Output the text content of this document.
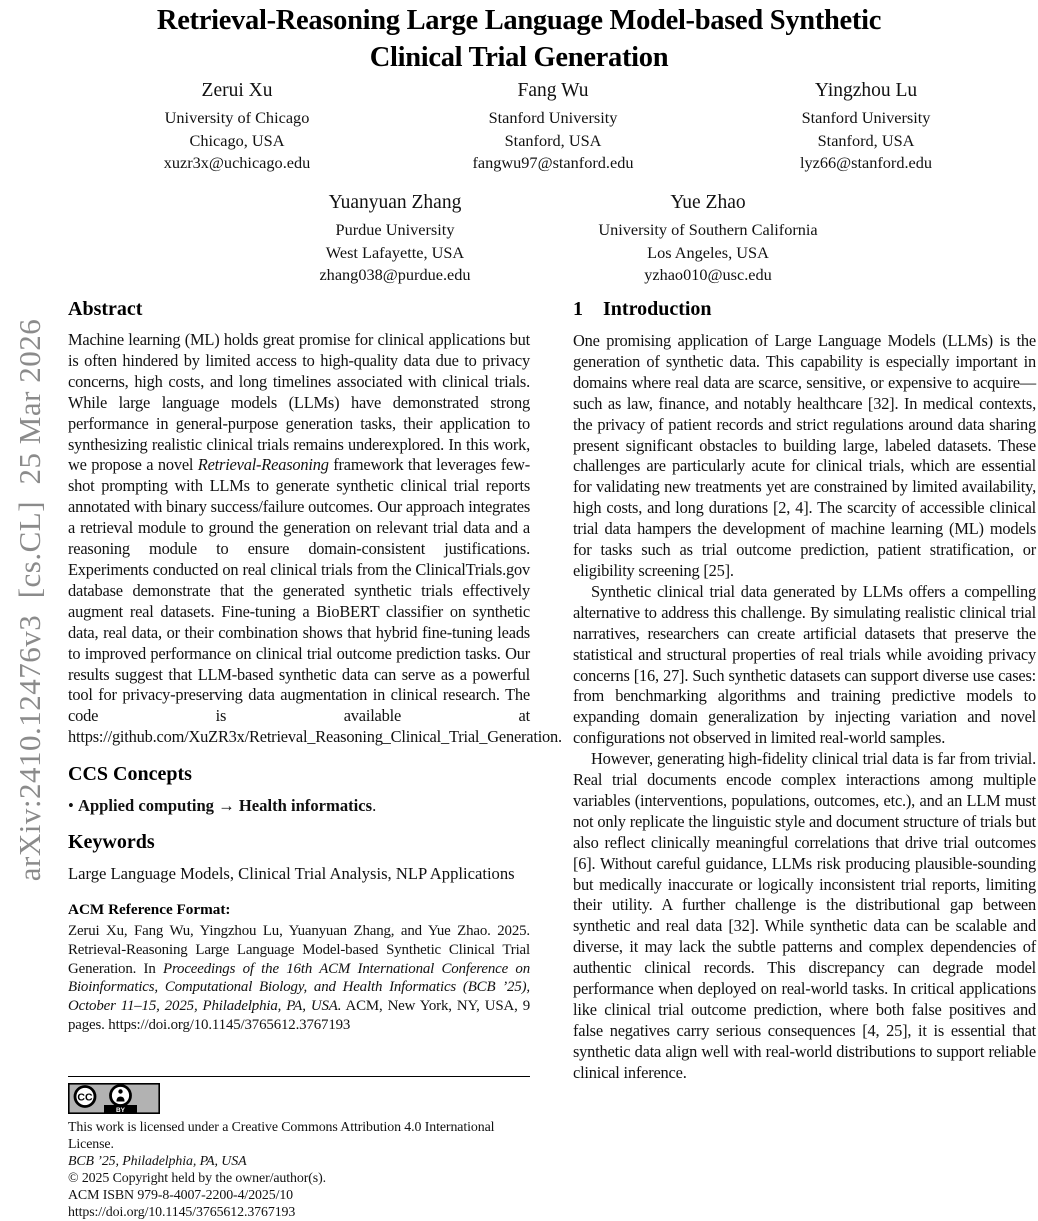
arXiv:2410.12476v3  [cs.CL]  25 Mar 2026
Retrieval-Reasoning Large Language Model-based Synthetic
Clinical Trial Generation
Zerui Xu
University of Chicago
Chicago, USA
xuzr3x@uchicago.edu
Fang Wu
Stanford University
Stanford, USA
fangwu97@stanford.edu
Yingzhou Lu
Stanford University
Stanford, USA
lyz66@stanford.edu
Yuanyuan Zhang
Purdue University
West Lafayette, USA
zhang038@purdue.edu
Yue Zhao
University of Southern California
Los Angeles, USA
yzhao010@usc.edu
Abstract

Machine learning (ML) holds great promise for clinical applications but is often hindered by limited access to high-quality data due to privacy concerns, high costs, and long timelines associated with clinical trials. While large language models (LLMs) have demonstrated strong performance in general-purpose generation tasks, their application to synthesizing realistic clinical trials remains underexplored. In this work, we propose a novel Retrieval-Reasoning framework that leverages few-shot prompting with LLMs to generate synthetic clinical trial reports annotated with binary success/failure outcomes. Our approach integrates a retrieval module to ground the generation on relevant trial data and a reasoning module to ensure domain-consistent justifications. Experiments conducted on real clinical trials from the ClinicalTrials.gov database demonstrate that the generated synthetic trials effectively augment real datasets. Fine-tuning a BioBERT classifier on synthetic data, real data, or their combination shows that hybrid fine-tuning leads to improved performance on clinical trial outcome prediction tasks. Our results suggest that LLM-based synthetic data can serve as a powerful tool for privacy-preserving data augmentation in clinical research. The code is available at https://github.com/XuZR3x/Retrieval_Reasoning_Clinical_Trial_Generation.

CCS Concepts

• Applied computing → Health informatics.

Keywords

Large Language Models, Clinical Trial Analysis, NLP Applications

ACM Reference Format:

Zerui Xu, Fang Wu, Yingzhou Lu, Yuanyuan Zhang, and Yue Zhao. 2025. Retrieval-Reasoning Large Language Model-based Synthetic Clinical Trial Generation. In Proceedings of the 16th ACM International Conference on Bioinformatics, Computational Biology, and Health Informatics (BCB ’25), October 11–15, 2025, Philadelphia, PA, USA. ACM, New York, NY, USA, 9 pages. https://doi.org/10.1145/3765612.3767193

1 Introduction

One promising application of Large Language Models (LLMs) is the generation of synthetic data. This capability is especially important in domains where real data are scarce, sensitive, or expensive to acquire—such as law, finance, and notably healthcare [32]. In medical contexts, the privacy of patient records and strict regulations around data sharing present significant obstacles to building large, labeled datasets. These challenges are particularly acute for clinical trials, which are essential for validating new treatments yet are constrained by limited availability, high costs, and long durations [2, 4]. The scarcity of accessible clinical trial data hampers the development of machine learning (ML) models for tasks such as trial outcome prediction, patient stratification, or eligibility screening [25].

Synthetic clinical trial data generated by LLMs offers a compelling alternative to address this challenge. By simulating realistic clinical trial narratives, researchers can create artificial datasets that preserve the statistical and structural properties of real trials while avoiding privacy concerns [16, 27]. Such synthetic datasets can support diverse use cases: from benchmarking algorithms and training predictive models to expanding domain generalization by injecting variation and novel configurations not observed in limited real-world samples.

However, generating high-fidelity clinical trial data is far from trivial. Real trial documents encode complex interactions among multiple variables (interventions, populations, outcomes, etc.), and an LLM must not only replicate the linguistic style and document structure of trials but also reflect clinically meaningful correlations that drive trial outcomes [6]. Without careful guidance, LLMs risk producing plausible-sounding but medically inaccurate or logically inconsistent trial reports, limiting their utility. A further challenge is the distributional gap between synthetic and real data [32]. While synthetic data can be scalable and diverse, it may lack the subtle patterns and complex dependencies of authentic clinical records. This discrepancy can degrade model performance when deployed on real-world tasks. In critical applications like clinical trial outcome prediction, where both false positives and false negatives carry serious consequences [4, 25], it is essential that synthetic data align well with real-world distributions to support reliable clinical inference.

CC
BY

This work is licensed under a Creative Commons Attribution 4.0 International License.

BCB ’25, Philadelphia, PA, USA

© 2025 Copyright held by the owner/author(s).

ACM ISBN 979-8-4007-2200-4/2025/10

https://doi.org/10.1145/3765612.3767193
